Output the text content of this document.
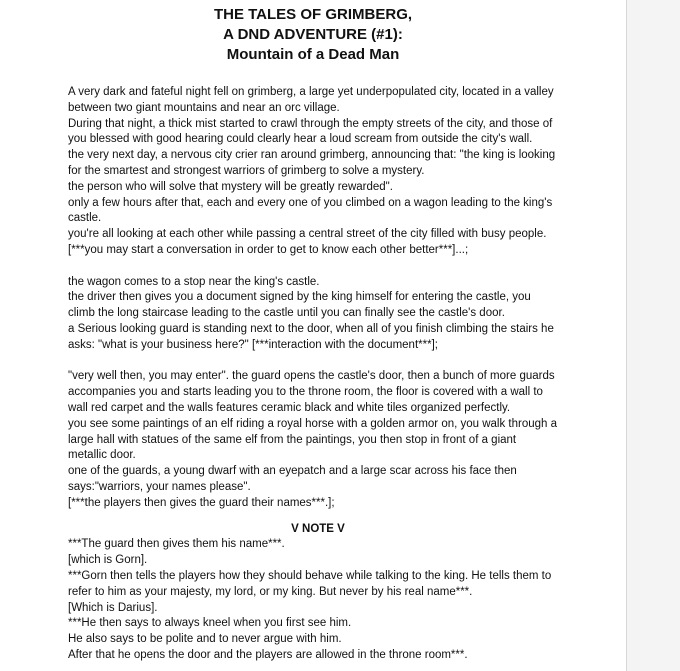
THE TALES OF GRIMBERG,
A DND ADVENTURE (#1):
Mountain of a Dead Man
A very dark and fateful night fell on grimberg, a large yet underpopulated city, located in a valley
between two giant mountains and near an orc village.
During that night, a thick mist started to crawl through the empty streets of the city, and those of
you blessed with good hearing could clearly hear a loud scream from outside the city's wall.
the very next day, a nervous city crier ran around grimberg, announcing that: "the king is looking
for the smartest and strongest warriors of grimberg to solve a mystery.
the person who will solve that mystery will be greatly rewarded".
only a few hours after that, each and every one of you climbed on a wagon leading to the king's
castle.
you're all looking at each other while passing a central street of the city filled with busy people.
[***you may start a conversation in order to get to know each other better***]...;
the wagon comes to a stop near the king's castle.
the driver then gives you a document signed by the king himself for entering the castle, you
climb the long staircase leading to the castle until you can finally see the castle's door.
a Serious looking guard is standing next to the door, when all of you finish climbing the stairs he
asks: "what is your business here?" [***interaction with the document***];
"very well then, you may enter". the guard opens the castle's door, then a bunch of more guards
accompanies you and starts leading you to the throne room, the floor is covered with a wall to
wall red carpet and the walls features ceramic black and white tiles organized perfectly.
you see some paintings of an elf riding a royal horse with a golden armor on, you walk through a
large hall with statues of the same elf from the paintings, you then stop in front of a giant
metallic door.
one of the guards, a young dwarf with an eyepatch and a large scar across his face then
says:"warriors, your names please".
[***the players then gives the guard their names***.];
V NOTE V
***The guard then gives them his name***.
[which is Gorn].
***Gorn then tells the players how they should behave while talking to the king. He tells them to
refer to him as your majesty, my lord, or my king. But never by his real name***.
[Which is Darius].
***He then says to always kneel when you first see him.
He also says to be polite and to never argue with him.
After that he opens the door and the players are allowed in the throne room***.
